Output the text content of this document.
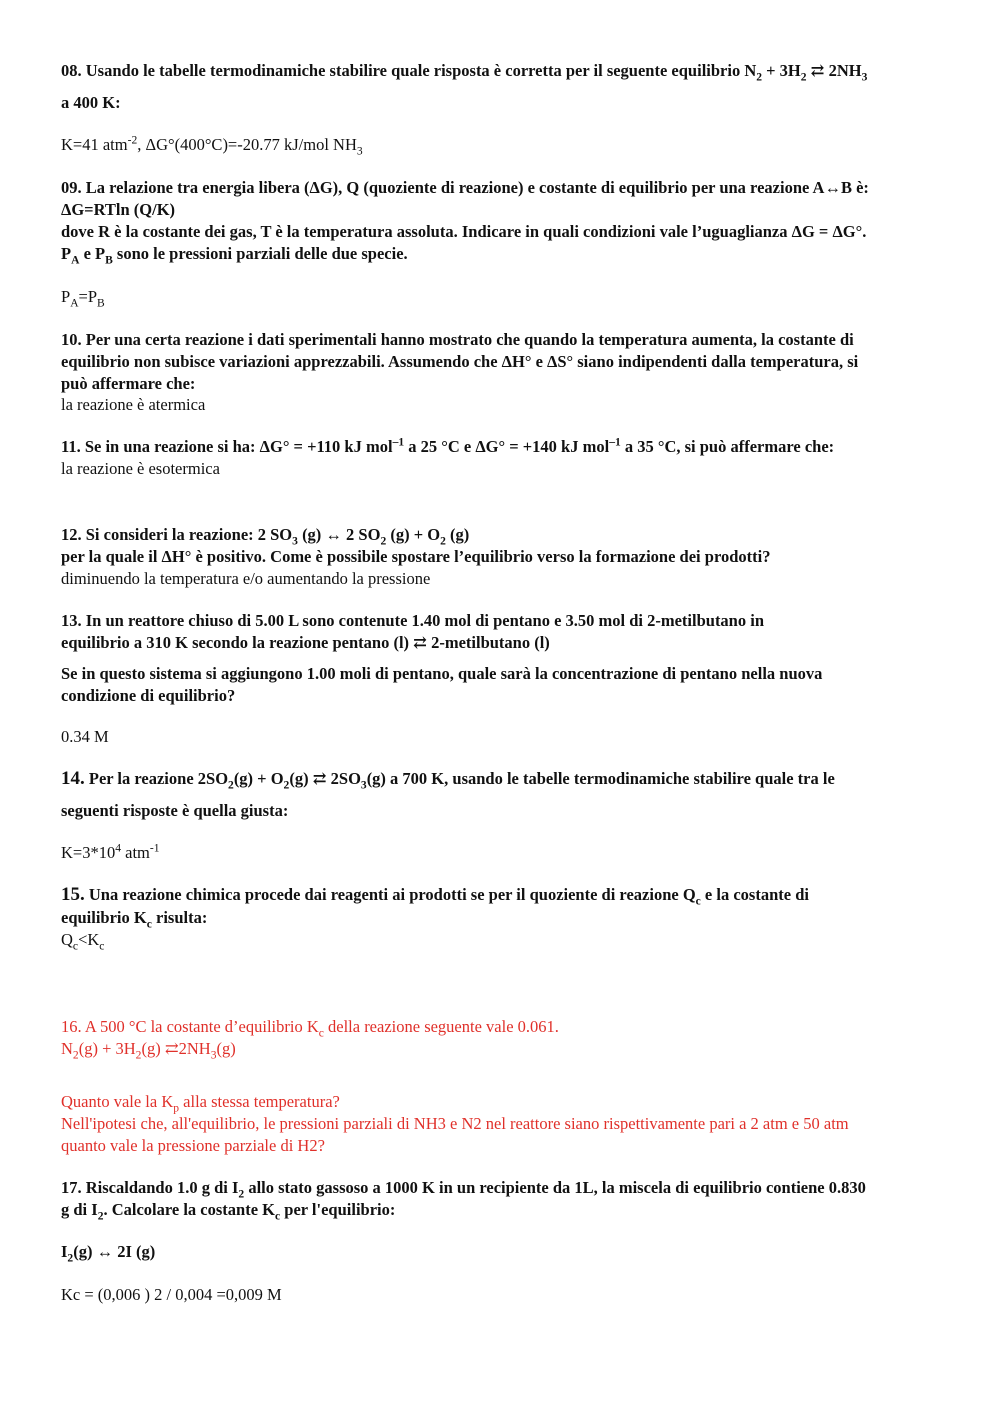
08. Usando le tabelle termodinamiche stabilire quale risposta è corretta per il seguente equilibrio $N_2 + 3H_2$ ⇄ $2NH_3$
a 400 K:
K=41 atm$^{-2}$, ΔG°(400°C)=-20.77 kJ/mol $NH_3$
09. La relazione tra energia libera (ΔG), Q (quoziente di reazione) e costante di equilibrio per una reazione A↔B è:
ΔG=RTln (Q/K)
dove R è la costante dei gas, T è la temperatura assoluta. Indicare in quali condizioni vale l’uguaglianza ΔG = ΔG°.
$P_A$ e $P_B$ sono le pressioni parziali delle due specie.
$P_A=P_B$
10. Per una certa reazione i dati sperimentali hanno mostrato che quando la temperatura aumenta, la costante di
equilibrio non subisce variazioni apprezzabili. Assumendo che ΔH° e ΔS° siano indipendenti dalla temperatura, si
può affermare che:
la reazione è atermica
11. Se in una reazione si ha: ΔG° = +110 kJ mol$^{-1}$ a 25 °C e ΔG° = +140 kJ mol$^{-1}$ a 35 °C, si può affermare che:
la reazione è esotermica
12. Si consideri la reazione: 2 $SO_3$ (g) ↔ 2 $SO_2$ $(g) + O_2$ (g)
per la quale il ΔH° è positivo. Come è possibile spostare l’equilibrio verso la formazione dei prodotti?
diminuendo la temperatura e/o aumentando la pressione
13. In un reattore chiuso di 5.00 L sono contenute 1.40 mol di pentano e 3.50 mol di 2-metilbutano in
equilibrio a 310 K secondo la reazione pentano (l) ⇄ 2-metilbutano (l)
Se in questo sistema si aggiungono 1.00 moli di pentano, quale sarà la concentrazione di pentano nella nuova
condizione di equilibrio?
0.34 M
14. Per la reazione $2SO_2(g) + O_2(g)$ ⇄ $2SO_3(g)$ a 700 K, usando le tabelle termodinamiche stabilire quale tra le
seguenti risposte è quella giusta:
$K=3*10^4$ atm$^{-1}$
15. Una reazione chimica procede dai reagenti ai prodotti se per il quoziente di reazione $Q_c$ e la costante di
equilibrio $K_c$ risulta:
$Q_c<K_c$
16. A 500 °C la costante d’equilibrio $K_c$ della reazione seguente vale 0.061.
$N_2(g) + 3H_2(g)$ $⇄2NH_3(g)$
Quanto vale la $K_p$ alla stessa temperatura?
Nell'ipotesi che, all'equilibrio, le pressioni parziali di NH3 e N2 nel reattore siano rispettivamente pari a 2 atm e 50 atm
quanto vale la pressione parziale di H2?
17. Riscaldando 1.0 g di $I_2$ allo stato gassoso a 1000 K in un recipiente da 1L, la miscela di equilibrio contiene 0.830
g di $I_2$. Calcolare la costante $K_c$ per l'equilibrio:
$I_2(g)$ ↔ 2I (g)
Kc = (0,006 ) 2 / 0,004 =0,009 M
